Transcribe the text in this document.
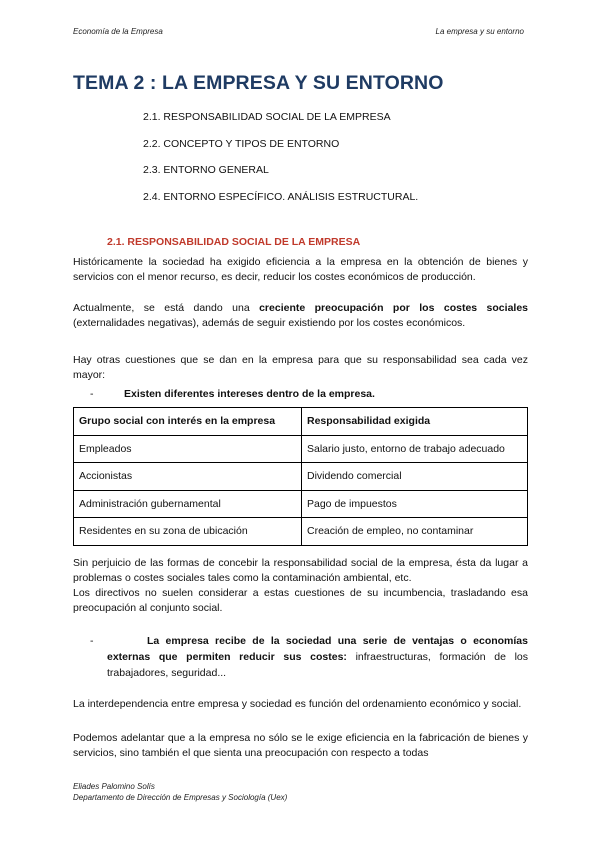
Economía de la Empresa	La empresa y su entorno
TEMA 2 : LA EMPRESA Y SU ENTORNO
2.1. RESPONSABILIDAD SOCIAL DE LA EMPRESA
2.2. CONCEPTO Y TIPOS DE ENTORNO
2.3. ENTORNO GENERAL
2.4. ENTORNO ESPECÍFICO. ANÁLISIS ESTRUCTURAL.
2.1. RESPONSABILIDAD SOCIAL DE LA EMPRESA
Históricamente la sociedad ha exigido eficiencia a la empresa en la obtención de bienes y servicios con el menor recurso, es decir, reducir los costes económicos de producción.
Actualmente, se está dando una creciente preocupación por los costes sociales (externalidades negativas), además de seguir existiendo por los costes económicos.
Hay otras cuestiones que se dan en la empresa para que su responsabilidad sea cada vez mayor:
-	Existen diferentes intereses dentro de la empresa.
Grupo social con interés en la empresa	Responsabilidad exigida
Empleados	Salario justo, entorno de trabajo adecuado
Accionistas	Dividendo comercial
Administración gubernamental	Pago de impuestos
Residentes en su zona de ubicación	Creación de empleo, no contaminar
Sin perjuicio de las formas de concebir la responsabilidad social de la empresa, ésta da lugar a problemas o costes sociales tales como la contaminación ambiental, etc.
Los directivos no suelen considerar a estas cuestiones de su incumbencia, trasladando esa preocupación al conjunto social.
-	La empresa recibe de la sociedad una serie de ventajas o economías externas que permiten reducir sus costes: infraestructuras, formación de los trabajadores, seguridad...
La interdependencia entre empresa y sociedad es función del ordenamiento económico y social.
Podemos adelantar que a la empresa no sólo se le exige eficiencia en la fabricación de bienes y servicios, sino también el que sienta una preocupación con respecto a todas
Eliades Palomino Solís
Departamento de Dirección de Empresas y Sociología (Uex)
